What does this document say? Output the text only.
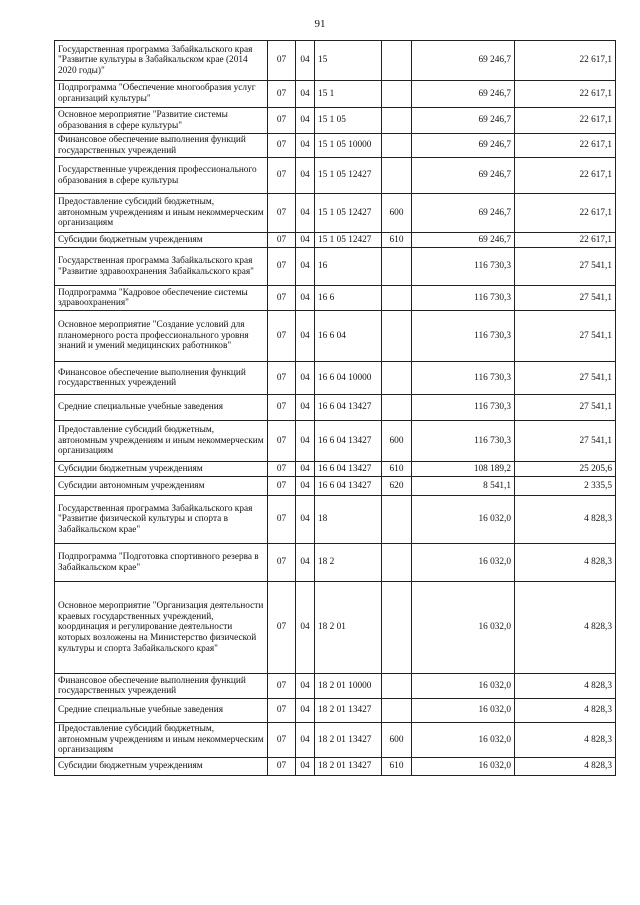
91
Государственная программа Забайкальского края "Развитие культуры в Забайкальском крае (2014 2020 годы)"	07	04	15		69 246,7	22 617,1
Подпрограмма "Обеспечение многообразия услуг организаций культуры"	07	04	15 1		69 246,7	22 617,1
Основное мероприятие "Развитие системы образования в сфере культуры"	07	04	15 1 05		69 246,7	22 617,1
Финансовое обеспечение выполнения функций государственных учреждений	07	04	15 1 05 10000		69 246,7	22 617,1
Государственные учреждения профессионального образования в сфере культуры	07	04	15 1 05 12427		69 246,7	22 617,1
Предоставление субсидий бюджетным, автономным учреждениям и иным некоммерческим организациям	07	04	15 1 05 12427	600	69 246,7	22 617,1
Субсидии бюджетным учреждениям	07	04	15 1 05 12427	610	69 246,7	22 617,1
Государственная программа Забайкальского края "Развитие здравоохранения Забайкальского края"	07	04	16		116 730,3	27 541,1
Подпрограмма "Кадровое обеспечение системы здравоохранения"	07	04	16 6		116 730,3	27 541,1
Основное мероприятие "Создание условий для планомерного роста профессионального уровня знаний и умений медицинских работников"	07	04	16 6 04		116 730,3	27 541,1
Финансовое обеспечение выполнения функций государственных учреждений	07	04	16 6 04 10000		116 730,3	27 541,1
Средние специальные учебные заведения	07	04	16 6 04 13427		116 730,3	27 541,1
Предоставление субсидий бюджетным, автономным учреждениям и иным некоммерческим организациям	07	04	16 6 04 13427	600	116 730,3	27 541,1
Субсидии бюджетным учреждениям	07	04	16 6 04 13427	610	108 189,2	25 205,6
Субсидии автономным учреждениям	07	04	16 6 04 13427	620	8 541,1	2 335,5
Государственная программа Забайкальского края "Развитие физической культуры и спорта в Забайкальском крае"	07	04	18		16 032,0	4 828,3
Подпрограмма "Подготовка спортивного резерва в Забайкальском крае"	07	04	18 2		16 032,0	4 828,3
Основное мероприятие "Организация деятельности краевых государственных учреждений, координация и регулирование деятельности которых возложены на Министерство физической культуры и спорта Забайкальского края"	07	04	18 2 01		16 032,0	4 828,3
Финансовое обеспечение выполнения функций государственных учреждений	07	04	18 2 01 10000		16 032,0	4 828,3
Средние специальные учебные заведения	07	04	18 2 01 13427		16 032,0	4 828,3
Предоставление субсидий бюджетным, автономным учреждениям и иным некоммерческим организациям	07	04	18 2 01 13427	600	16 032,0	4 828,3
Субсидии бюджетным учреждениям	07	04	18 2 01 13427	610	16 032,0	4 828,3
